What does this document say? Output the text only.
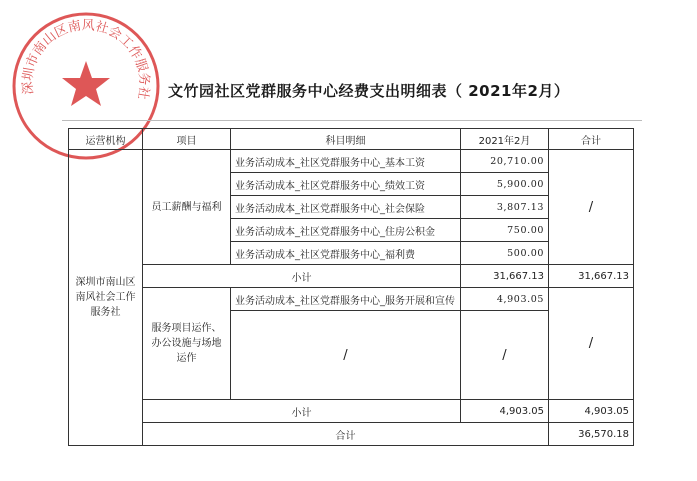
深圳市南山区南风社会工作服务社 文竹园社区党群服务中心经费支出明细表（ 2021年2月）
运营机构	项目	科目明细	2021年2月	合计
深圳市南山区南风社会工作服务社	员工薪酬与福利	业务活动成本_社区党群服务中心_基本工资	20,710.00	/
		业务活动成本_社区党群服务中心_绩效工资	5,900.00	
		业务活动成本_社区党群服务中心_社会保险	3,807.13	
		业务活动成本_社区党群服务中心_住房公积金	750.00	
		业务活动成本_社区党群服务中心_福利费	500.00	
	小计		31,667.13	31,667.13
	服务项目运作、办公设施与场地运作	业务活动成本_社区党群服务中心_服务开展和宣传	4,903.05	/
		/	/	

	小计		4,903.05	4,903.05
	合计			36,570.18
